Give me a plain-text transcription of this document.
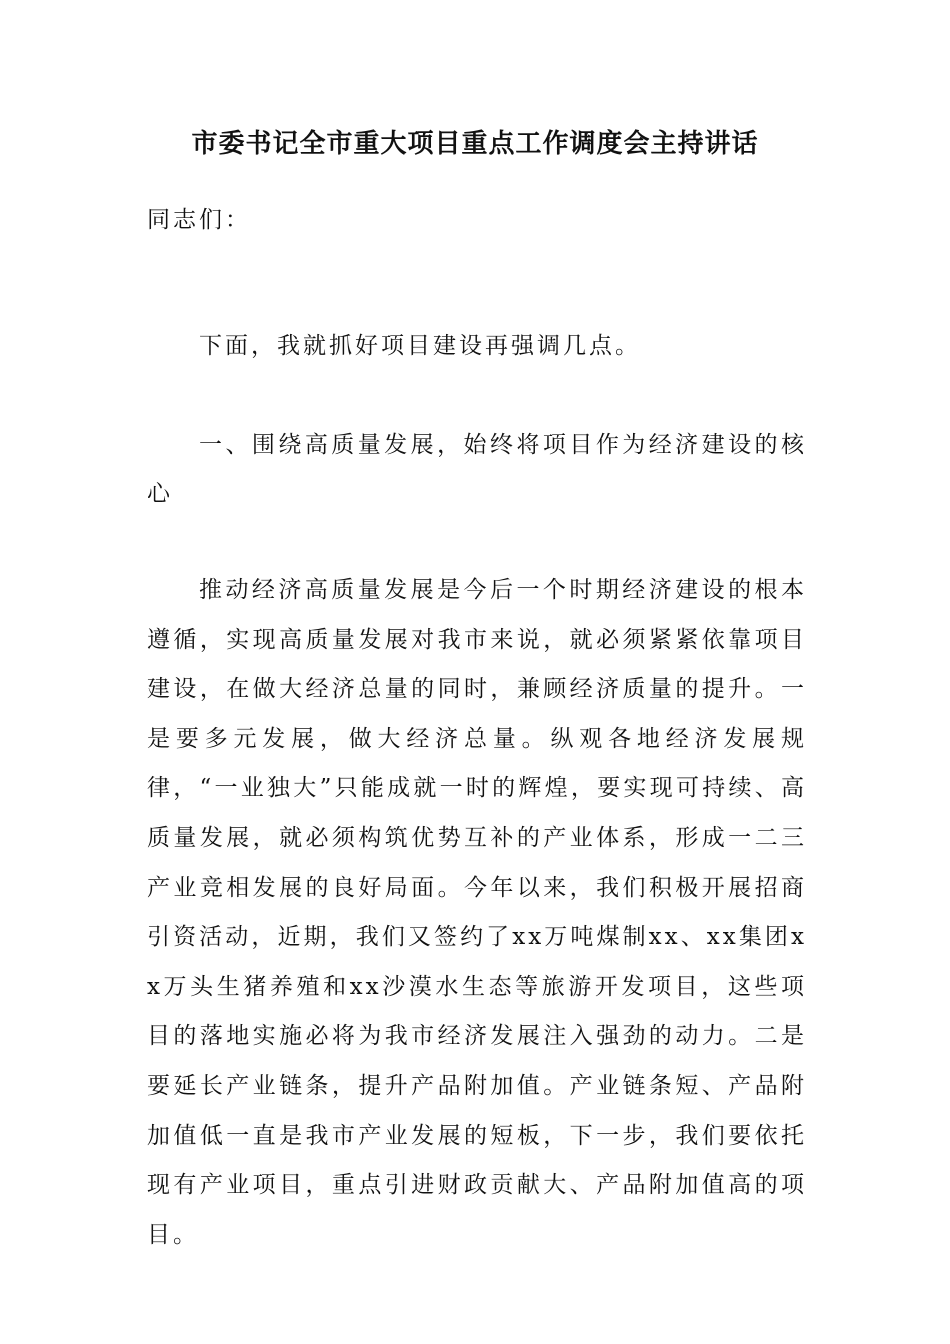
市委书记全市重大项目重点工作调度会主持讲话

同志们：

下面，我就抓好项目建设再强调几点。

一、围绕高质量发展，始终将项目作为经济建设的核心

推动经济高质量发展是今后一个时期经济建设的根本遵循，实现高质量发展对我市来说，就必须紧紧依靠项目建设，在做大经济总量的同时，兼顾经济质量的提升。一是要多元发展，做大经济总量。纵观各地经济发展规律，“一业独大”只能成就一时的辉煌，要实现可持续、高质量发展，就必须构筑优势互补的产业体系，形成一二三产业竞相发展的良好局面。今年以来，我们积极开展招商引资活动，近期，我们又签约了xx万吨煤制xx、xx集团xx万头生猪养殖和xx沙漠水生态等旅游开发项目，这些项目的落地实施必将为我市经济发展注入强劲的动力。二是要延长产业链条，提升产品附加值。产业链条短、产品附加值低一直是我市产业发展的短板，下一步，我们要依托现有产业项目，重点引进财政贡献大、产品附加值高的项目。
